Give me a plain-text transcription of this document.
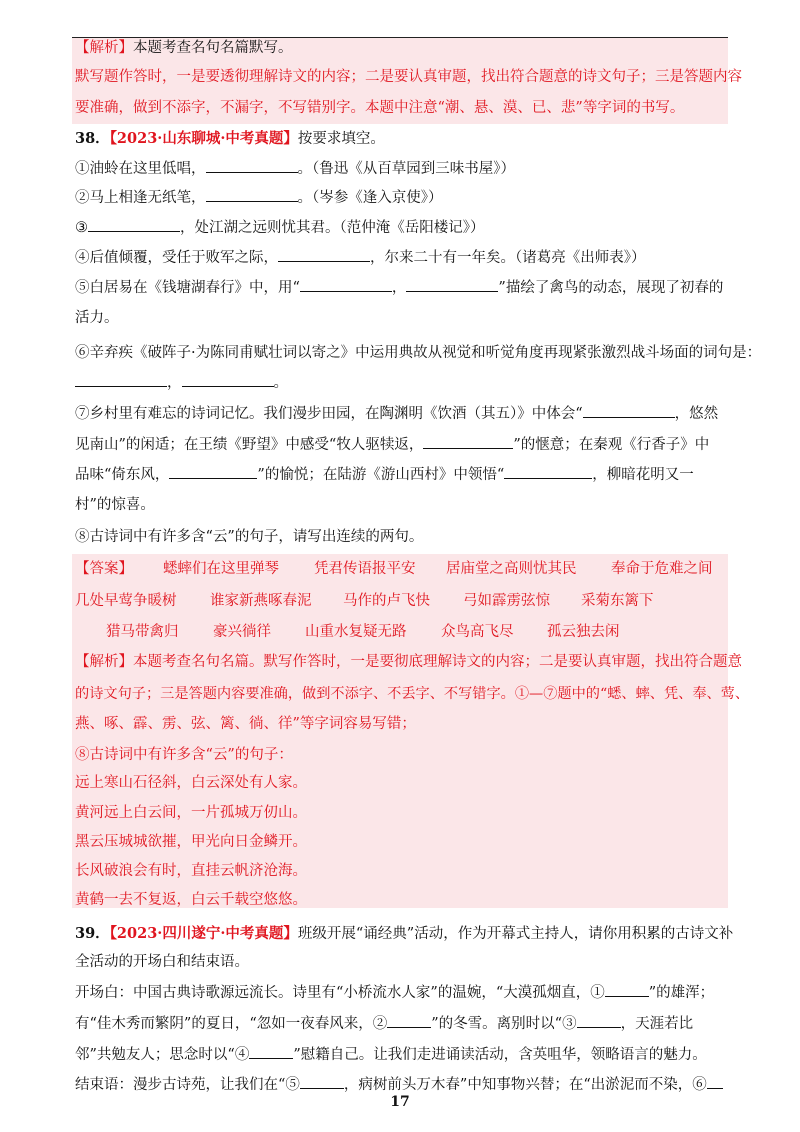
【解析】本题考查名句名篇默写。
默写题作答时，一是要透彻理解诗文的内容；二是要认真审题，找出符合题意的诗文句子；三是答题内容
要准确，做到不添字，不漏字，不写错别字。本题中注意“潮、悬、漠、已、悲”等字词的书写。
38．【2023·山东聊城·中考真题】按要求填空。
①油蛉在这里低唱，	。（鲁迅《从百草园到三味书屋》）
②马上相逢无纸笔，	。（岑参《逢入京使》）
③	，处江湖之远则忧其君。（范仲淹《岳阳楼记》）
④后值倾覆，受任于败军之际，	，尔来二十有一年矣。（诸葛亮《出师表》）
⑤白居易在《钱塘湖春行》中，用“	，	”描绘了禽鸟的动态，展现了初春的
活力。
⑥辛弃疾《破阵子·为陈同甫赋壮词以寄之》中运用典故从视觉和听觉角度再现紧张激烈战斗场面的词句是：
，	。
⑦乡村里有难忘的诗词记忆。我们漫步田园，在陶渊明《饮酒（其五）》中体会“	，悠然
见南山”的闲适；在王绩《野望》中感受“牧人驱犊返，	”的惬意；在秦观《行香子》中
品味“倚东风，	”的愉悦；在陆游《游山西村》中领悟“	，柳暗花明又一
村”的惊喜。
⑧古诗词中有许多含“云”的句子，请写出连续的两句。
【答案】 蟋蟀们在这里弹琴 凭君传语报平安 居庙堂之高则忧其民 奉命于危难之间
几处早莺争暖树 谁家新燕啄春泥 马作的卢飞快 弓如霹雳弦惊 采菊东篱下
猎马带禽归 豪兴徜徉 山重水复疑无路 众鸟高飞尽 孤云独去闲
【解析】本题考查名句名篇。默写作答时，一是要彻底理解诗文的内容；二是要认真审题，找出符合题意
的诗文句子；三是答题内容要准确，做到不添字、不丢字、不写错字。①—⑦题中的“蟋、蟀、凭、奉、莺、
燕、啄、霹、雳、弦、篱、徜、徉”等字词容易写错；
⑧古诗词中有许多含“云”的句子：
远上寒山石径斜，白云深处有人家。
黄河远上白云间，一片孤城万仞山。
黑云压城城欲摧，甲光向日金鳞开。
长风破浪会有时，直挂云帆济沧海。
黄鹤一去不复返，白云千载空悠悠。
39．【2023·四川遂宁·中考真题】班级开展“诵经典”活动，作为开幕式主持人，请你用积累的古诗文补
全活动的开场白和结束语。
开场白：中国古典诗歌源远流长。诗里有“小桥流水人家”的温婉，“大漠孤烟直，①	”的雄浑；
有“佳木秀而繁阴”的夏日，“忽如一夜春风来，②	”的冬雪。离别时以“③	，天涯若比
邻”共勉友人；思念时以“④	”慰籍自己。让我们走进诵读活动，含英咀华，领略语言的魅力。
结束语：漫步古诗苑，让我们在“⑤	，病树前头万木春”中知事物兴替；在“出淤泥而不染，⑥
17
